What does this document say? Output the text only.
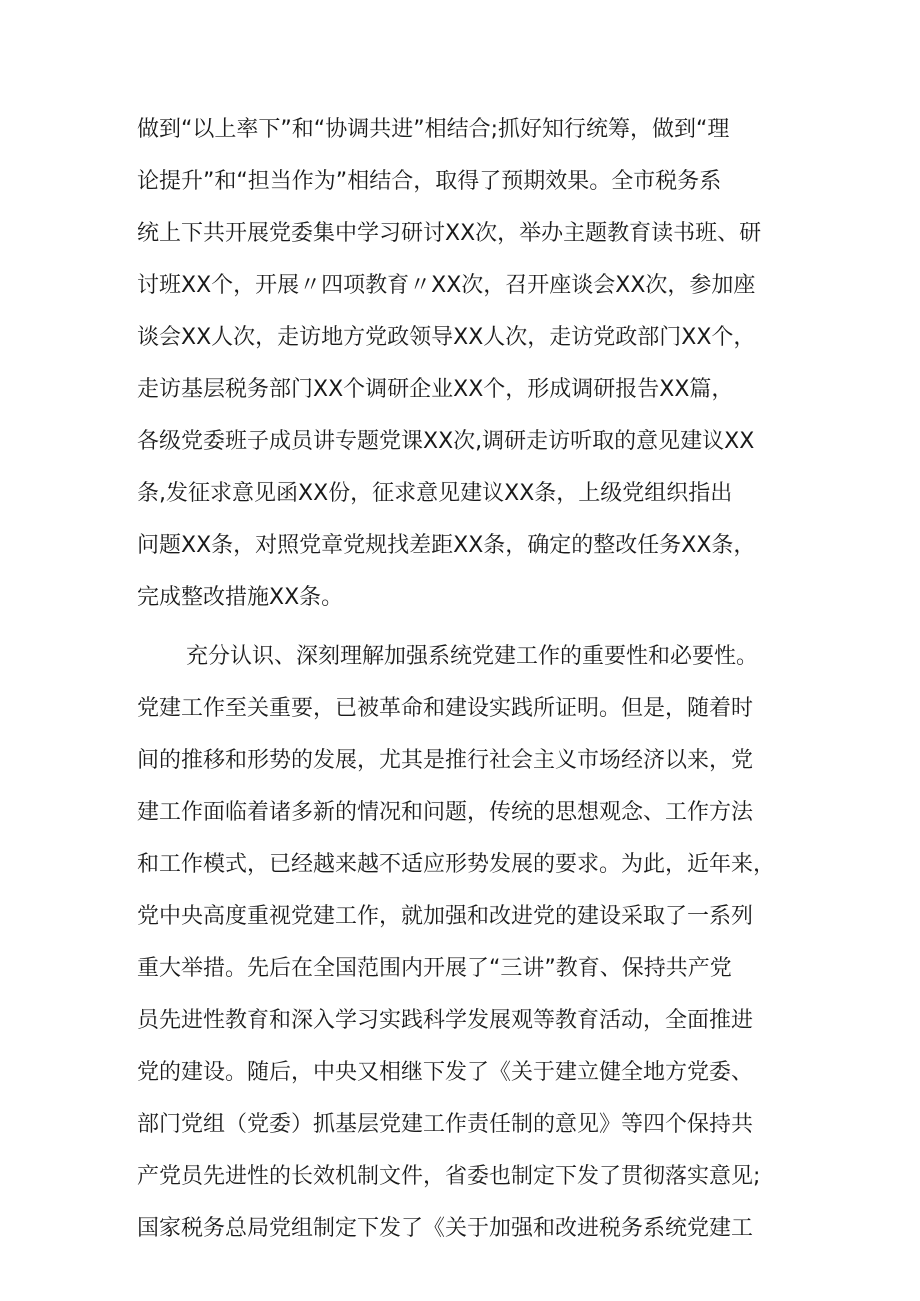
做到“以上率下”和“协调共进”相结合;抓好知行统筹，做到“理
论提升”和“担当作为”相结合，取得了预期效果。全市税务系
统上下共开展党委集中学习研讨XX次，举办主题教育读书班、研
讨班XX个，开展〃四项教育〃XX次，召开座谈会XX次，参加座
谈会XX人次，走访地方党政领导XX人次，走访党政部门XX个，
走访基层税务部门XX个调研企业XX个，形成调研报告XX篇，
各级党委班子成员讲专题党课XX次,调研走访听取的意见建议XX
条,发征求意见函XX份，征求意见建议XX条，上级党组织指出
问题XX条，对照党章党规找差距XX条，确定的整改任务XX条，
完成整改措施XX条。
充分认识、深刻理解加强系统党建工作的重要性和必要性。
党建工作至关重要，已被革命和建设实践所证明。但是，随着时
间的推移和形势的发展，尤其是推行社会主义市场经济以来，党
建工作面临着诸多新的情况和问题，传统的思想观念、工作方法
和工作模式，已经越来越不适应形势发展的要求。为此，近年来，
党中央高度重视党建工作，就加强和改进党的建设采取了一系列
重大举措。先后在全国范围内开展了“三讲”教育、保持共产党
员先进性教育和深入学习实践科学发展观等教育活动，全面推进
党的建设。随后，中央又相继下发了《关于建立健全地方党委、
部门党组（党委）抓基层党建工作责任制的意见》等四个保持共
产党员先进性的长效机制文件，省委也制定下发了贯彻落实意见;
国家税务总局党组制定下发了《关于加强和改进税务系统党建工
